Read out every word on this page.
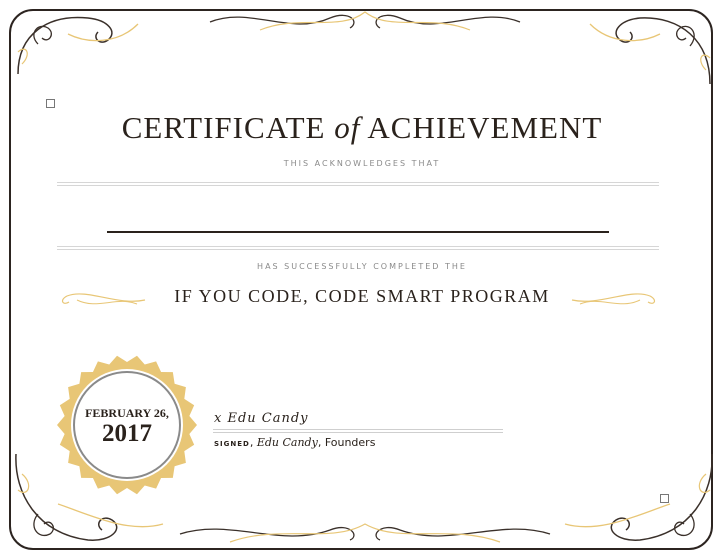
CERTIFICATE of ACHIEVEMENT
THIS ACKNOWLEDGES THAT
HAS SUCCESSFULLY COMPLETED THE
IF YOU CODE, CODE SMART PROGRAM
FEBRUARY 26,
2017
x Edu Candy
SIGNED, Edu Candy, Founders
